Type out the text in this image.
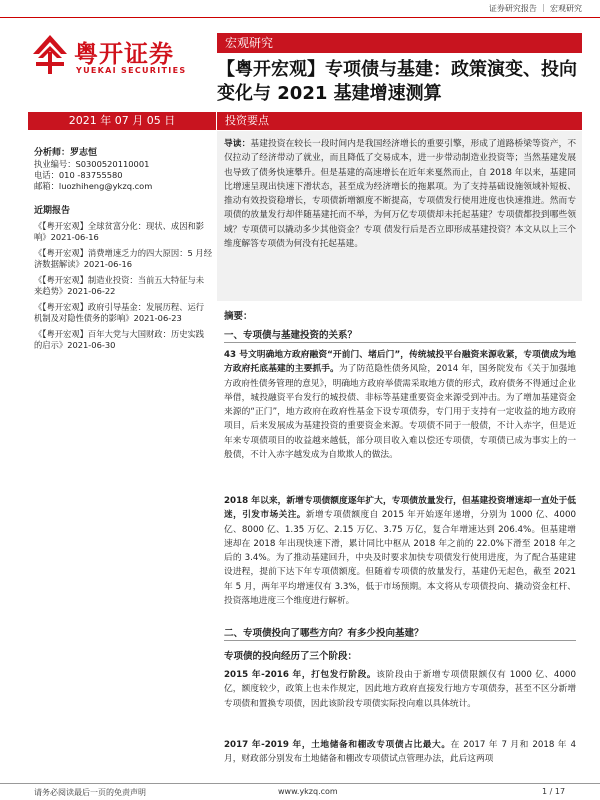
证券研究报告 ｜ 宏观研究
粤开证券
YUEKAI SECURITIES
宏观研究
【粤开宏观】专项债与基建：政策演变、投向变化与 2021 基建增速测算
2021 年 07 月 05 日	投资要点
分析师：罗志恒
执业编号：S0300520110001
电话：010 -83755580
邮箱：luozhiheng@ykzq.com
近期报告
《【粤开宏观】全球贫富分化：现状、成因和影响》2021-06-16
《【粤开宏观】消费增速乏力的四大原因：5 月经济数据解读》2021-06-16
《【粤开宏观】制造业投资：当前五大特征与未来趋势》2021-06-22
《【粤开宏观】政府引导基金：发展历程、运行机制及对隐性债务的影响》2021-06-23
《【粤开宏观】百年大党与大国财政：历史实践的启示》2021-06-30
导读：基建投资在较长一段时间内是我国经济增长的重要引擎，形成了道路桥梁等资产，不仅拉动了经济带动了就业，而且降低了交易成本，进一步带动制造业投资等；当然基建发展也导致了债务快速攀升。但是基建的高速增长在近年来戛然而止，自 2018 年以来，基建同比增速呈现出快速下滑状态，甚至成为经济增长的拖累项。为了支持基础设施领域补短板、推动有效投资稳增长，专项债新增额度不断提高，专项债发行使用进度也快速推进。然而专项债的放量发行却伴随基建托而不举，为何万亿专项债却未托起基建？专项债都投到哪些领域？专项债可以撬动多少其他资金？专项 债发行后是否立即形成基建投资？本文从以上三个维度解答专项债为何没有托起基建。
摘要：
一、专项债与基建投资的关系？
43 号文明确地方政府融资“开前门、堵后门”，传统城投平台融资来源收紧，专项债成为地方政府托底基建的主要抓手。为了防范隐性债务风险，2014 年，国务院发布《关于加强地方政府性债务管理的意见》，明确地方政府举债需采取地方债的形式，政府债务不得通过企业举借，城投融资平台发行的城投债、非标等基建重要资金来源受到冲击。为了增加基建资金来源的“正门”，地方政府在政府性基金下设专项债券，专门用于支持有一定收益的地方政府项目，后来发展成为基建投资的重要资金来源。专项债不同于一般债，不计入赤字，但是近年来专项债项目的收益越来越低，部分项目收入难以偿还专项债，专项债已成为事实上的一般债，不计入赤字越发成为自欺欺人的做法。
2018 年以来，新增专项债额度逐年扩大，专项债放量发行，但基建投资增速却一直处于低迷，引发市场关注。新增专项债额度自 2015 年开始逐年递增，分别为 1000 亿、4000 亿、8000 亿、1.35 万亿、2.15 万亿、3.75 万亿，复合年增速达到 206.4%。但基建增速却在 2018 年出现快速下滑，累计同比中枢从 2018 年之前的 22.0%下滑至 2018 年之后的 3.4%。为了推动基建回升，中央及时要求加快专项债发行使用进度，为了配合基建建设进程，提前下达下年专项债额度。但随着专项债的放量发行，基建仍无起色，截至 2021 年 5 月，两年平均增速仅有 3.3%，低于市场预期。本文将从专项债投向、撬动资金杠杆、投资落地进度三个维度进行解析。
二、专项债投向了哪些方向？有多少投向基建？
专项债的投向经历了三个阶段：
2015 年-2016 年，打包发行阶段。该阶段由于新增专项债限额仅有 1000 亿、4000 亿，额度较少，政策上也未作规定，因此地方政府直接发行地方专项债券，甚至不区分新增专项债和置换专项债，因此该阶段专项债实际投向难以具体统计。
2017 年-2019 年，土地储备和棚改专项债占比最大。在 2017 年 7 月和 2018 年 4 月，财政部分别发布土地储备和棚改专项债试点管理办法，此后这两项
请务必阅读最后一页的免责声明	www.ykzq.com	1 / 17
